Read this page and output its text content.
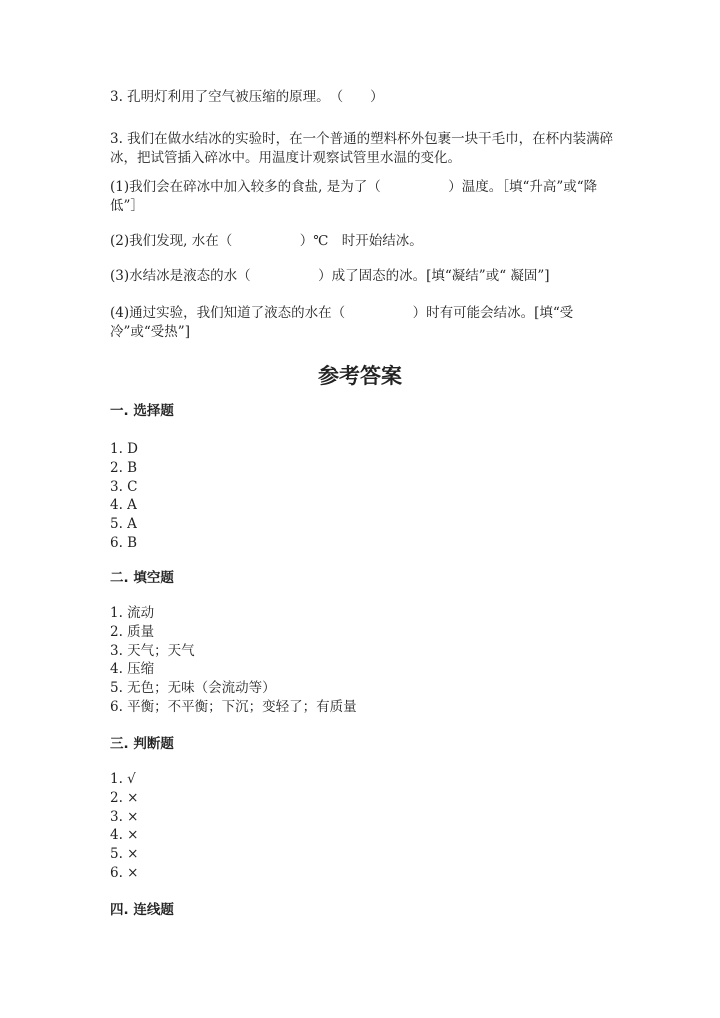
3. 孔明灯利用了空气被压缩的原理。　（　　）
3. 我们在做水结冰的实验时，在一个普通的塑料杯外包裹一块干毛巾，在杯内装满碎冰，把试管插入碎冰中。用温度计观察试管里水温的变化。
(1)我们会在碎冰中加入较多的食盐, 是为了（　　　　　）温度。［填“升高”或“降低”］
(2)我们发现, 水在（　　　　　）℃　时开始结冰。
(3)水结冰是液态的水（　　　　　）成了固态的冰。[填“凝结”或“ 凝固”]
(4)通过实验，我们知道了液态的水在（　　　　　）时有可能会结冰。[填“受冷”或“受热”]
参考答案
一. 选择题
1. D
2. B
3. C
4. A
5. A
6. B
二. 填空题
1. 流动
2. 质量
3. 天气；天气
4. 压缩
5. 无色；无味（会流动等）
6. 平衡；不平衡；下沉；变轻了；有质量
三. 判断题
1. √
2. ×
3. ×
4. ×
5. ×
6. ×
四. 连线题
